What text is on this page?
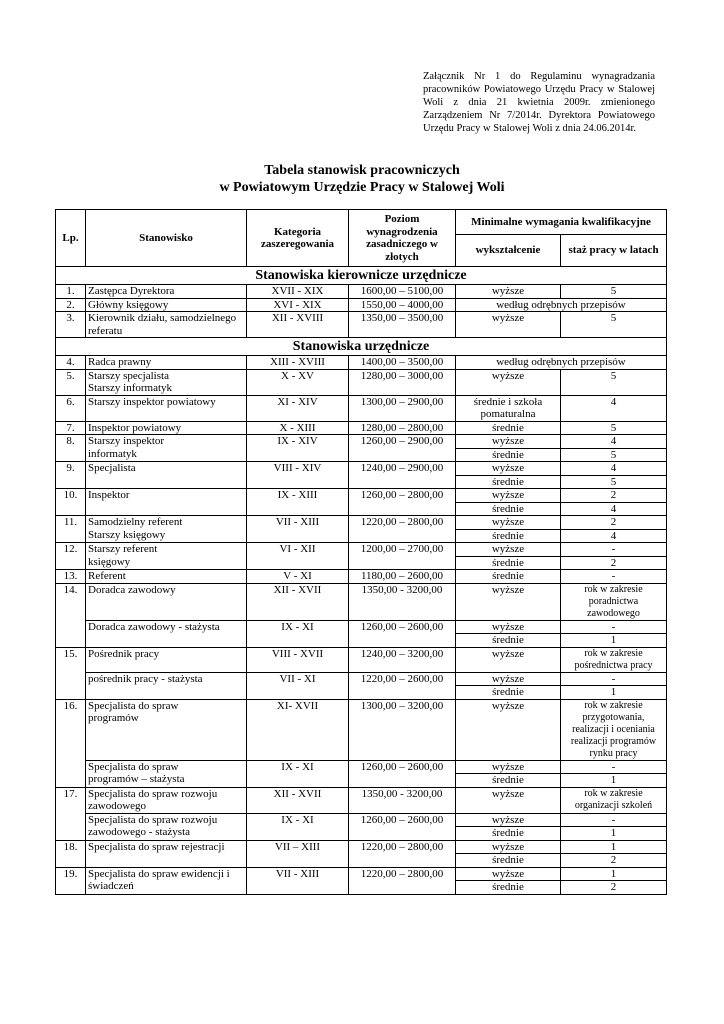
Załącznik Nr 1 do Regulaminu wynagradzania pracowników Powiatowego Urzędu Pracy w Stalowej Woli z dnia 21 kwietnia 2009r. zmienionego Zarządzeniem Nr 7/2014r. Dyrektora Powiatowego Urzędu Pracy w Stalowej Woli z dnia 24.06.2014r.
Tabela stanowisk pracowniczych
w Powiatowym Urzędzie Pracy w Stalowej Woli
Lp.	Stanowisko	Kategoria zaszeregowania	Poziom wynagrodzenia zasadniczego w złotych	Minimalne wymagania kwalifikacyjne	
				wykształcenie	staż pracy w latach
Stanowiska kierownicze urzędnicze					
1.	Zastępca Dyrektora	XVII - XIX	1600,00 – 5100,00	wyższe	5
2.	Główny księgowy	XVI - XIX	1550,00 – 4000,00	według odrębnych przepisów	
3.	Kierownik działu, samodzielnego referatu	XII - XVIII	1350,00 – 3500,00	wyższe	5
Stanowiska urzędnicze					
4.	Radca prawny	XIII - XVIII	1400,00 – 3500,00	według odrębnych przepisów	
5.	Starszy specjalista Starszy informatyk	X - XV	1280,00 – 3000,00	wyższe	5
6.	Starszy inspektor powiatowy	XI - XIV	1300,00 – 2900,00	średnie i szkoła pomaturalna	4
7.	Inspektor powiatowy	X - XIII	1280,00 – 2800,00	średnie	5
8.	Starszy inspektor informatyk	IX - XIV	1260,00 – 2900,00	wyższe	4
				średnie	5
9.	Specjalista	VIII - XIV	1240,00 – 2900,00	wyższe	4
				średnie	5
10.	Inspektor	IX - XIII	1260,00 – 2800,00	wyższe	2
				średnie	4
11.	Samodzielny referent Starszy księgowy	VII - XIII	1220,00 – 2800,00	wyższe	2
				średnie	4
12.	Starszy referent księgowy	VI - XII	1200,00 – 2700,00	wyższe	-
				średnie	2
13.	Referent	V - XI	1180,00 – 2600,00	średnie	-
14.	Doradca zawodowy	XII - XVII	1350,00 - 3200,00	wyższe	rok w zakresie poradnictwa zawodowego
	Doradca zawodowy - stażysta	IX - XI	1260,00 – 2600,00	wyższe	-
				średnie	1
15.	Pośrednik pracy	VIII - XVII	1240,00 – 3200,00	wyższe	rok w zakresie pośrednictwa pracy
	pośrednik pracy - stażysta	VII - XI	1220,00 – 2600,00	wyższe	-
				średnie	1
16.	Specjalista do spraw programów	XI- XVII	1300,00 – 3200,00	wyższe	rok w zakresie przygotowania, realizacji i oceniania realizacji programów rynku pracy
	Specjalista do spraw programów – stażysta	IX - XI	1260,00 – 2600,00	wyższe	-
				średnie	1
17.	Specjalista do spraw rozwoju zawodowego	XII - XVII	1350,00 - 3200,00	wyższe	rok w zakresie organizacji szkoleń
	Specjalista do spraw rozwoju zawodowego - stażysta	IX - XI	1260,00 – 2600,00	wyższe	-
				średnie	1
18.	Specjalista do spraw rejestracji	VII – XIII	1220,00 – 2800,00	wyższe	1
				średnie	2
19.	Specjalista do spraw ewidencji i świadczeń	VII - XIII	1220,00 – 2800,00	wyższe	1
				średnie	2
